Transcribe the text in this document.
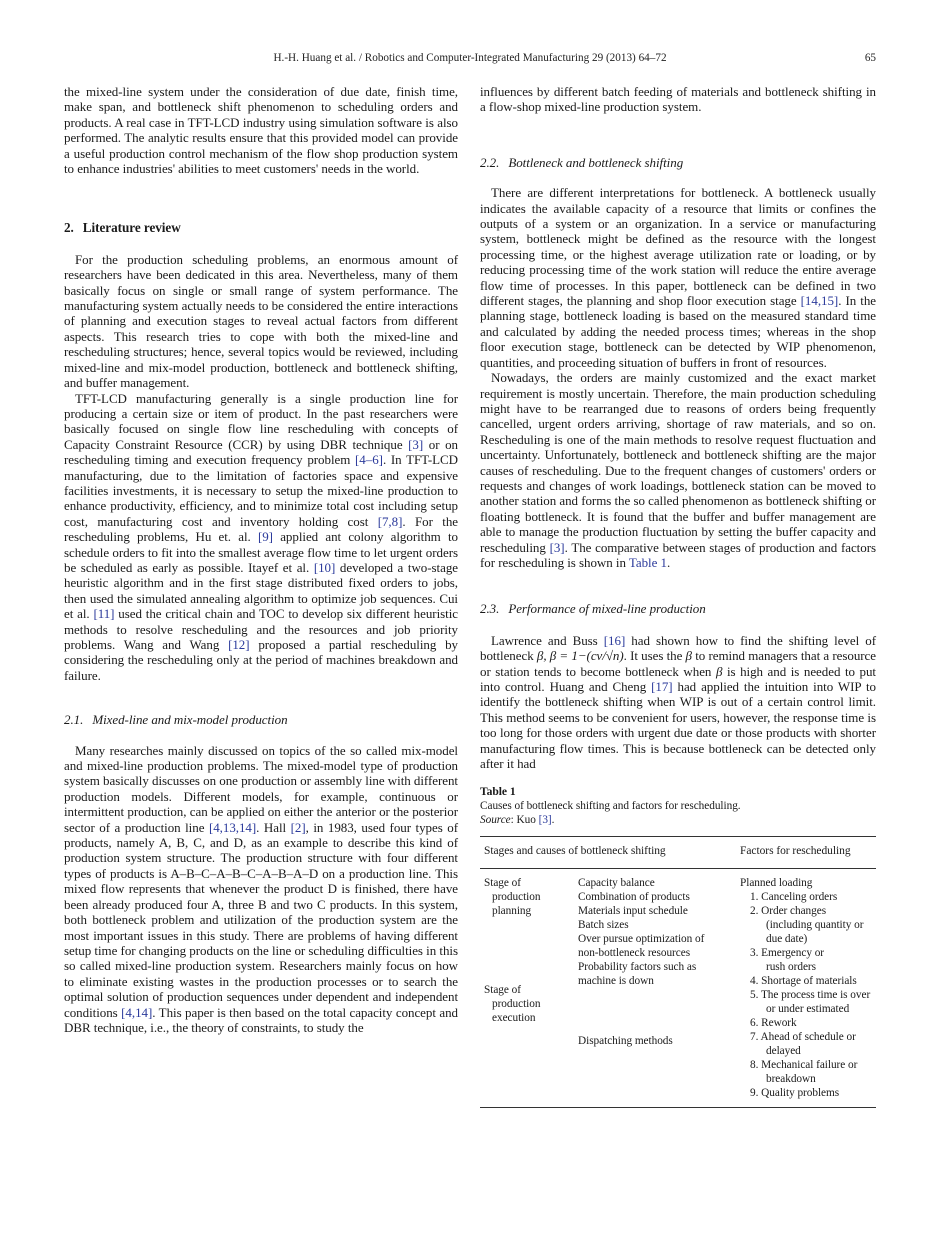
H.-H. Huang et al. / Robotics and Computer-Integrated Manufacturing 29 (2013) 64–72	65

the mixed-line system under the consideration of due date, finish time, make span, and bottleneck shift phenomenon to scheduling orders and products. A real case in TFT-LCD industry using simulation software is also performed. The analytic results ensure that this provided model can provide a useful production control mechanism of the flow shop production system to enhance industries' abilities to meet customers' needs in the world.

2. Literature review

For the production scheduling problems, an enormous amount of researchers have been dedicated in this area. Nevertheless, many of them basically focus on single or small range of system performance. The manufacturing system actually needs to be considered the entire interactions of planning and execution stages to reveal actual factors from different aspects. This research tries to cope with both the mixed-line and rescheduling structures; hence, several topics would be reviewed, including mixed-line and mix-model production, bottleneck and bottleneck shifting, and buffer management.

TFT-LCD manufacturing generally is a single production line for producing a certain size or item of product. In the past researchers were basically focused on single flow line rescheduling with concepts of Capacity Constraint Resource (CCR) by using DBR technique [3] or on rescheduling timing and execution frequency problem [4–6]. In TFT-LCD manufacturing, due to the limitation of factories space and expensive facilities investments, it is necessary to setup the mixed-line production to enhance productivity, efficiency, and to minimize total cost including setup cost, manufacturing cost and inventory holding cost [7,8]. For the rescheduling problems, Hu et. al. [9] applied ant colony algorithm to schedule orders to fit into the smallest average flow time to let urgent orders be scheduled as early as possible. Itayef et al. [10] developed a two-stage heuristic algorithm and in the first stage distributed fixed orders to jobs, then used the simulated annealing algorithm to optimize job sequences. Cui et al. [11] used the critical chain and TOC to develop six different heuristic methods to resolve rescheduling and the resources and job priority problems. Wang and Wang [12] proposed a partial rescheduling by considering the rescheduling only at the period of machines breakdown and failure.

2.1. Mixed-line and mix-model production

Many researches mainly discussed on topics of the so called mix-model and mixed-line production problems. The mixed-model type of production system basically discusses on one production or assembly line with different production models. Different models, for example, continuous or intermittent production, can be applied on either the anterior or the posterior sector of a production line [4,13,14]. Hall [2], in 1983, used four types of products, namely A, B, C, and D, as an example to describe this kind of production system structure. The production structure with four different types of products is A–B–C–A–B–C–A–B–A–D on a production line. This mixed flow represents that whenever the product D is finished, there have been already produced four A, three B and two C products. In this system, both bottleneck problem and utilization of the production system are the most important issues in this study. There are problems of having different setup time for changing products on the line or scheduling difficulties in this so called mixed-line production system. Researchers mainly focus on how to eliminate existing wastes in the production processes or to search the optimal solution of production sequences under dependent and independent conditions [4,14]. This paper is then based on the total capacity concept and DBR technique, i.e., the theory of constraints, to study the

influences by different batch feeding of materials and bottleneck shifting in a flow-shop mixed-line production system.

2.2. Bottleneck and bottleneck shifting

There are different interpretations for bottleneck. A bottleneck usually indicates the available capacity of a resource that limits or confines the outputs of a system or an organization. In a service or manufacturing system, bottleneck might be defined as the resource with the longest processing time, or the highest average utilization rate or loading, or by reducing processing time of the work station will reduce the entire average flow time of processes. In this paper, bottleneck can be defined in two different stages, the planning and shop floor execution stage [14,15]. In the planning stage, bottleneck loading is based on the measured standard time and calculated by adding the needed process times; whereas in the shop floor execution stage, bottleneck can be detected by WIP phenomenon, quantities, and proceeding situation of buffers in front of resources.

Nowadays, the orders are mainly customized and the exact market requirement is mostly uncertain. Therefore, the main production scheduling might have to be rearranged due to reasons of orders being frequently cancelled, urgent orders arriving, shortage of raw materials, and so on. Rescheduling is one of the main methods to resolve request fluctuation and uncertainty. Unfortunately, bottleneck and bottleneck shifting are the major causes of rescheduling. Due to the frequent changes of customers' orders or requests and changes of work loadings, bottleneck station can be moved to another station and forms the so called phenomenon as bottleneck shifting or floating bottleneck. It is found that the buffer and buffer management are able to manage the production fluctuation by setting the buffer capacity and rescheduling [3]. The comparative between stages of production and factors for rescheduling is shown in Table 1.

2.3. Performance of mixed-line production

Lawrence and Buss [16] had shown how to find the shifting level of bottleneck β, β = 1−(cv/√n). It uses the β to remind managers that a resource or station tends to become bottleneck when β is high and is needed to put into control. Huang and Cheng [17] had applied the intuition into WIP to identify the bottleneck shifting when WIP is out of a certain control limit. This method seems to be convenient for users, however, the response time is too long for those orders with urgent due date or those products with shorter manufacturing flow times. This is because bottleneck can be detected only after it had

Table 1
Causes of bottleneck shifting and factors for rescheduling.
Source: Kuo [3].
Stages and causes of bottleneck shifting	Factors for rescheduling
Stage of
production
planning
Stage of
production
execution
Capacity balance
Combination of products
Materials input schedule
Batch sizes
Over pursue optimization of
non-bottleneck resources
Probability factors such as
machine is down
Dispatching methods
Planned loading
1. Canceling orders
2. Order changes
(including quantity or
due date)
3. Emergency or
rush orders
4. Shortage of materials
5. The process time is over
or under estimated
6. Rework
7. Ahead of schedule or
delayed
8. Mechanical failure or
breakdown
9. Quality problems
